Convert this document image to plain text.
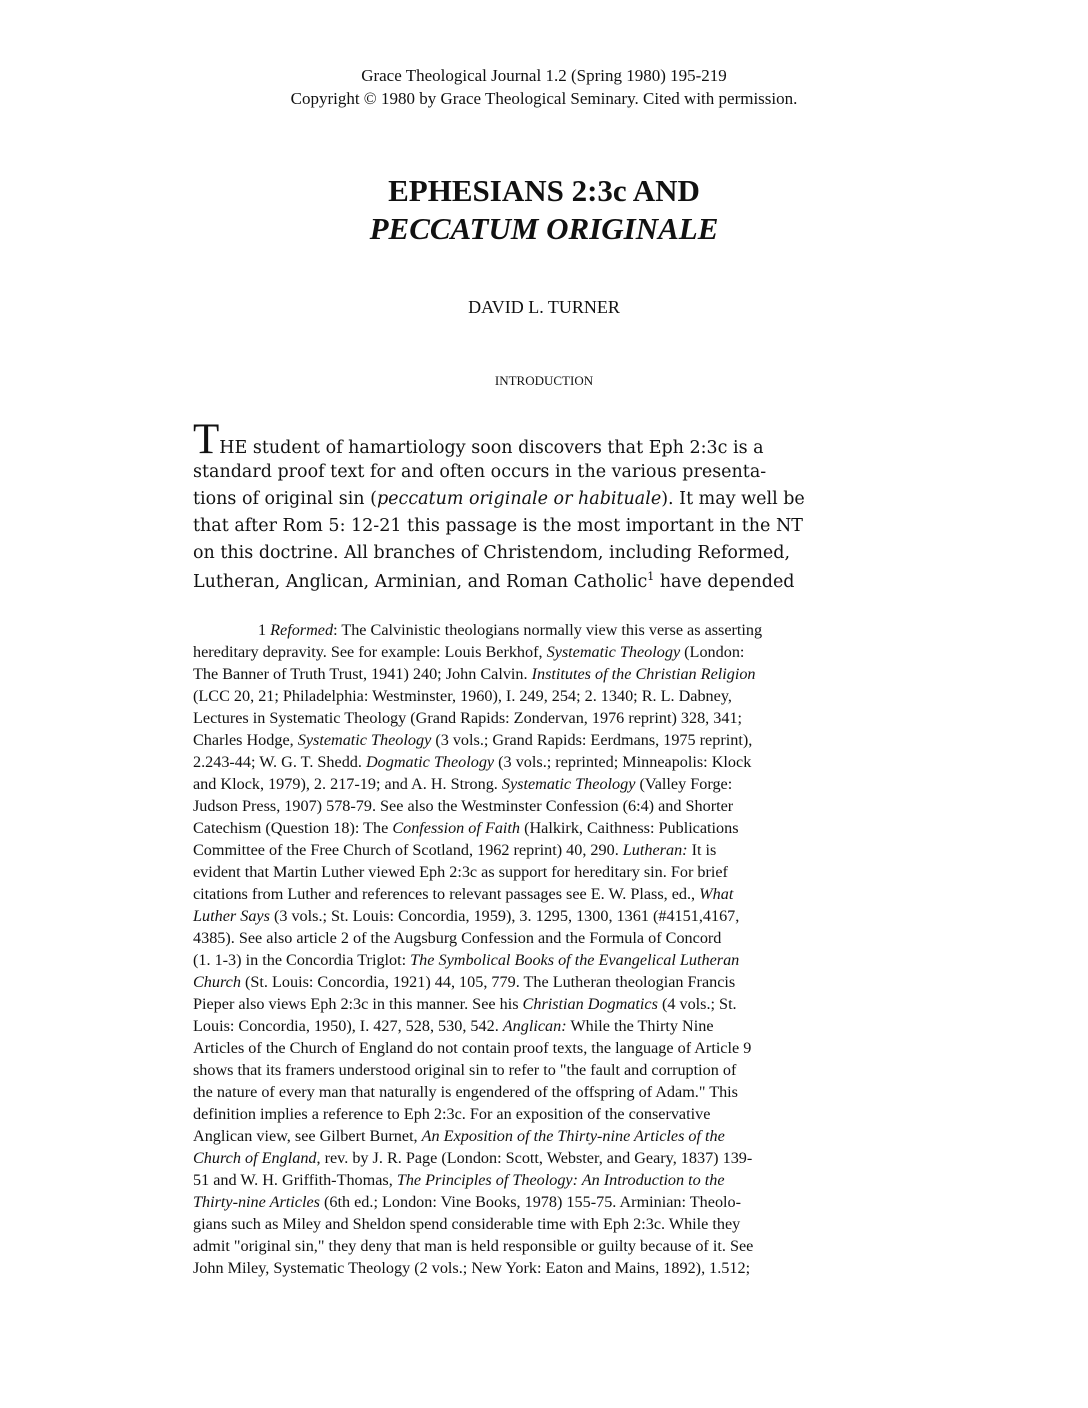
Grace Theological Journal 1.2 (Spring 1980) 195-219
Copyright © 1980 by Grace Theological Seminary. Cited with permission.
EPHESIANS 2:3c AND
PECCATUM ORIGINALE
DAVID L. TURNER
INTRODUCTION
THE student of hamartiology soon discovers that Eph 2:3c is a
standard proof text for and often occurs in the various presenta-
tions of original sin (peccatum originale or habituale). It may well be
that after Rom 5: 12-21 this passage is the most important in the NT
on this doctrine. All branches of Christendom, including Reformed,
Lutheran, Anglican, Arminian, and Roman Catholic$^1$ have depended
1 Reformed: The Calvinistic theologians normally view this verse as asserting
hereditary depravity. See for example: Louis Berkhof, Systematic Theology (London:
The Banner of Truth Trust, 1941) 240; John Calvin. Institutes of the Christian Religion
(LCC 20, 21; Philadelphia: Westminster, 1960), I. 249, 254; 2. 1340; R. L. Dabney,
Lectures in Systematic Theology (Grand Rapids: Zondervan, 1976 reprint) 328, 341;
Charles Hodge, Systematic Theology (3 vols.; Grand Rapids: Eerdmans, 1975 reprint),
2.243-44; W. G. T. Shedd. Dogmatic Theology (3 vols.; reprinted; Minneapolis: Klock
and Klock, 1979), 2. 217-19; and A. H. Strong. Systematic Theology (Valley Forge:
Judson Press, 1907) 578-79. See also the Westminster Confession (6:4) and Shorter
Catechism (Question 18): The Confession of Faith (Halkirk, Caithness: Publications
Committee of the Free Church of Scotland, 1962 reprint) 40, 290. Lutheran: It is
evident that Martin Luther viewed Eph 2:3c as support for hereditary sin. For brief
citations from Luther and references to relevant passages see E. W. Plass, ed., What
Luther Says (3 vols.; St. Louis: Concordia, 1959), 3. 1295, 1300, 1361 (#4151,4167,
4385). See also article 2 of the Augsburg Confession and the Formula of Concord
(1. 1-3) in the Concordia Triglot: The Symbolical Books of the Evangelical Lutheran
Church (St. Louis: Concordia, 1921) 44, 105, 779. The Lutheran theologian Francis
Pieper also views Eph 2:3c in this manner. See his Christian Dogmatics (4 vols.; St.
Louis: Concordia, 1950), I. 427, 528, 530, 542. Anglican: While the Thirty Nine
Articles of the Church of England do not contain proof texts, the language of Article 9
shows that its framers understood original sin to refer to "the fault and corruption of
the nature of every man that naturally is engendered of the offspring of Adam." This
definition implies a reference to Eph 2:3c. For an exposition of the conservative
Anglican view, see Gilbert Burnet, An Exposition of the Thirty-nine Articles of the
Church of England, rev. by J. R. Page (London: Scott, Webster, and Geary, 1837) 139-
51 and W. H. Griffith-Thomas, The Principles of Theology: An Introduction to the
Thirty-nine Articles (6th ed.; London: Vine Books, 1978) 155-75. Arminian: Theolo-
gians such as Miley and Sheldon spend considerable time with Eph 2:3c. While they
admit "original sin," they deny that man is held responsible or guilty because of it. See
John Miley, Systematic Theology (2 vols.; New York: Eaton and Mains, 1892), 1.512;
